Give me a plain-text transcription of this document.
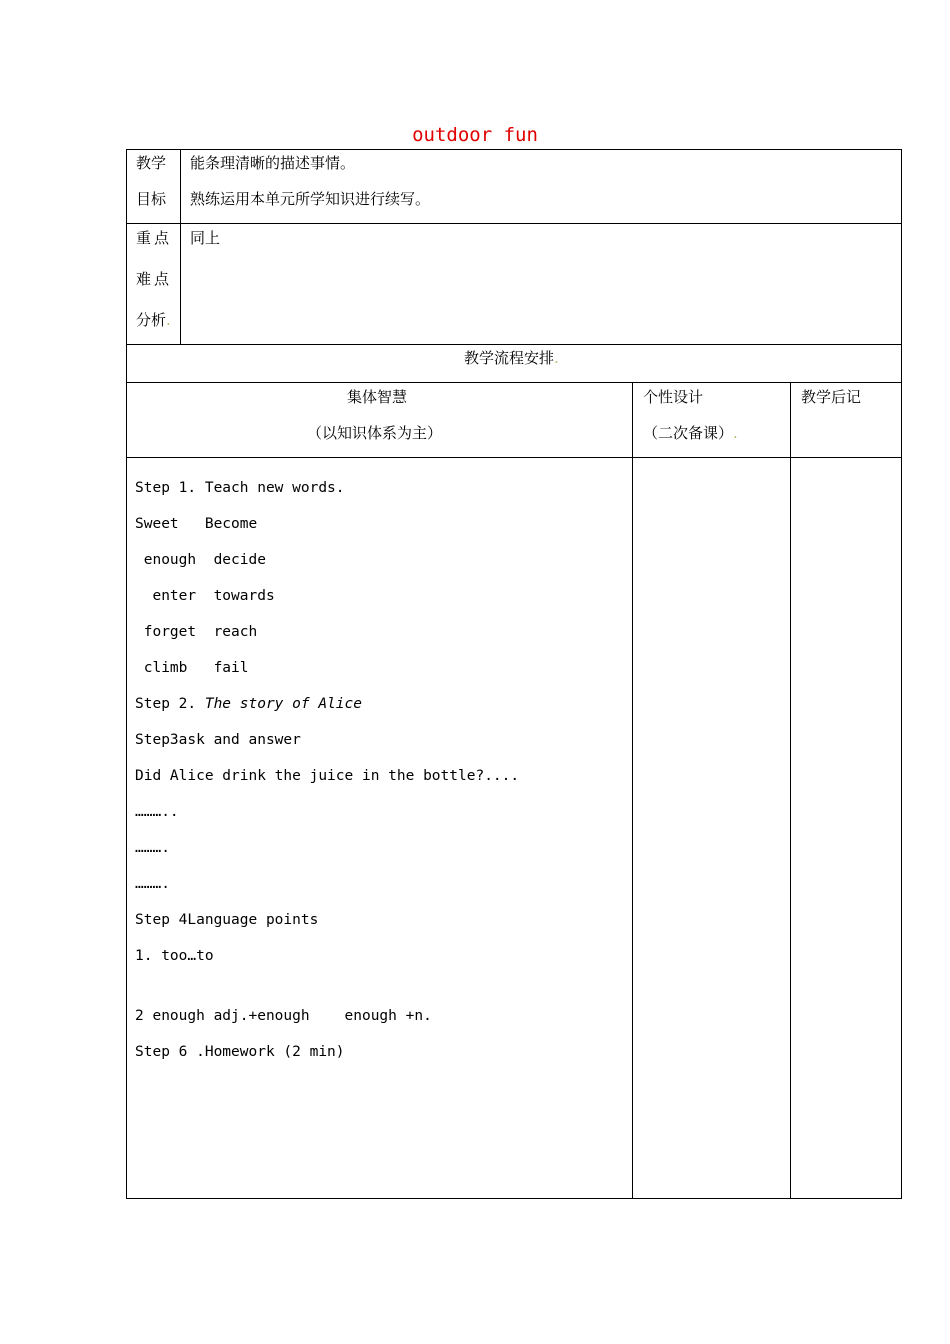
outdoor fun
教学
目标
能条理清晰的描述事情。
熟练运用本单元所学知识进行续写。
重点
难点
分析.
同上
教学流程安排.
集体智慧
（以知识体系为主）
个性设计
（二次备课）.
教学后记
Step 1. Teach new words.
Sweet   Become
enough  decide
enter  towards
forget  reach
climb   fail
Step 2. The story of Alice
Step3ask and answer
Did Alice drink the juice in the bottle?....
………..
……….
……….
Step 4Language points
1. too…to
2 enough adj.+enough    enough +n.
Step 6 .Homework (2 min)
